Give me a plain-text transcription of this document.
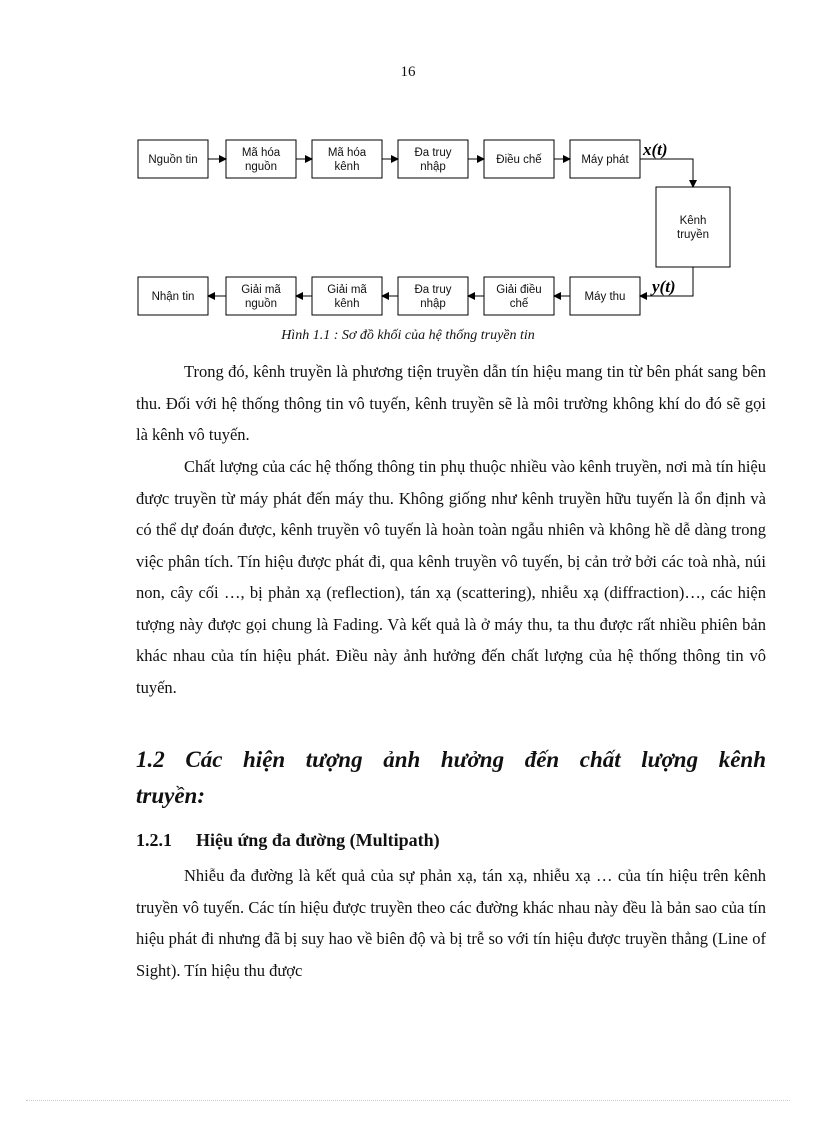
16
Nguồn tin
Mã hóa
nguồn
Mã hóa
kênh
Đa truy
nhập
Điều chế	Máy phát
Nhận tin
Giải mã
nguồn
Giải mã
kênh
Đa truy
nhập
Giải điều
chế
Máy thu
Kênh
truyền
x(t)
y(t)
Hình 1.1 : Sơ đồ khối của hệ thống truyền tin

Trong đó, kênh truyền là phương tiện truyền dẫn tín hiệu mang tin từ bên phát sang bên thu. Đối với hệ thống thông tin vô tuyến, kênh truyền sẽ là môi trường không khí do đó sẽ gọi là kênh vô tuyến.

Chất lượng của các hệ thống thông tin phụ thuộc nhiều vào kênh truyền, nơi mà tín hiệu được truyền từ máy phát đến máy thu. Không giống như kênh truyền hữu tuyến là ổn định và có thể dự đoán được, kênh truyền vô tuyến là hoàn toàn ngẫu nhiên và không hề dễ dàng trong việc phân tích. Tín hiệu được phát đi, qua kênh truyền vô tuyến, bị cản trở bởi các toà nhà, núi non, cây cối …, bị phản xạ (reflection), tán xạ (scattering), nhiễu xạ (diffraction)…, các hiện tượng này được gọi chung là Fading. Và kết quả là ở máy thu, ta thu được rất nhiều phiên bản khác nhau của tín hiệu phát. Điều này ảnh hưởng đến chất lượng của hệ thống thông tin vô tuyến.

1.2 Các hiện tượng ảnh hưởng đến chất lượng kênh truyền:
1.2.1 Hiệu ứng đa đường (Multipath)

Nhiễu đa đường là kết quả của sự phản xạ, tán xạ, nhiễu xạ … của tín hiệu trên kênh truyền vô tuyến. Các tín hiệu được truyền theo các đường khác nhau này đều là bản sao của tín hiệu phát đi nhưng đã bị suy hao về biên độ và bị trễ so với tín hiệu được truyền thẳng (Line of Sight). Tín hiệu thu được
